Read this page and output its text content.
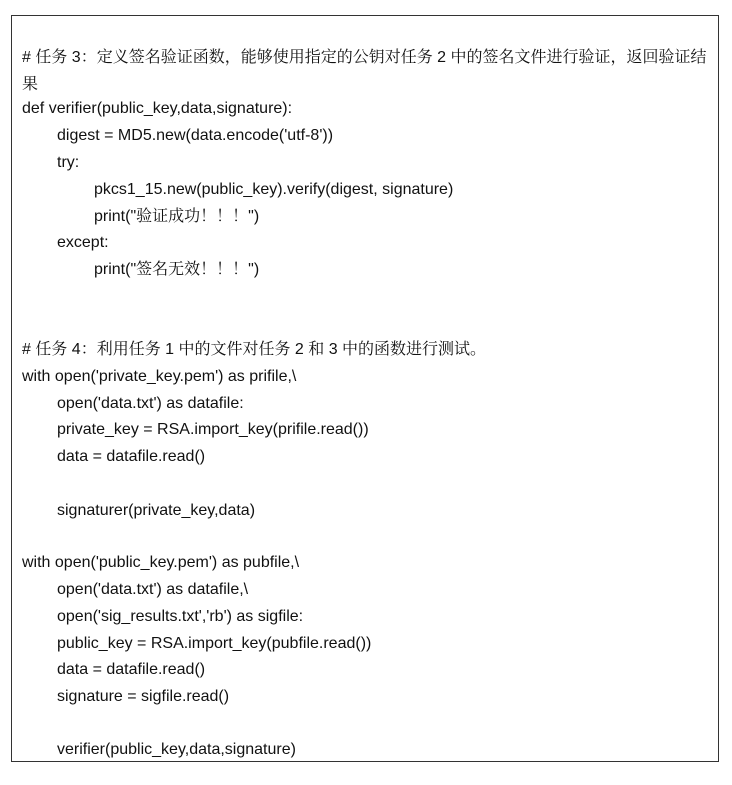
# 任务 3：定义签名验证函数，能够使用指定的公钥对任务 2 中的签名文件进行验证，返回验证结果
def verifier(public_key,data,signature):
digest = MD5.new(data.encode('utf-8'))
try:
pkcs1_15.new(public_key).verify(digest, signature)
print("验证成功！！！")
except:
print("签名无效！！！")
# 任务 4：利用任务 1 中的文件对任务 2 和 3 中的函数进行测试。
with open('private_key.pem') as prifile,\
open('data.txt') as datafile:
private_key = RSA.import_key(prifile.read())
data = datafile.read()
signaturer(private_key,data)
with open('public_key.pem') as pubfile,\
open('data.txt') as datafile,\
open('sig_results.txt','rb') as sigfile:
public_key = RSA.import_key(pubfile.read())
data = datafile.read()
signature = sigfile.read()
verifier(public_key,data,signature)
